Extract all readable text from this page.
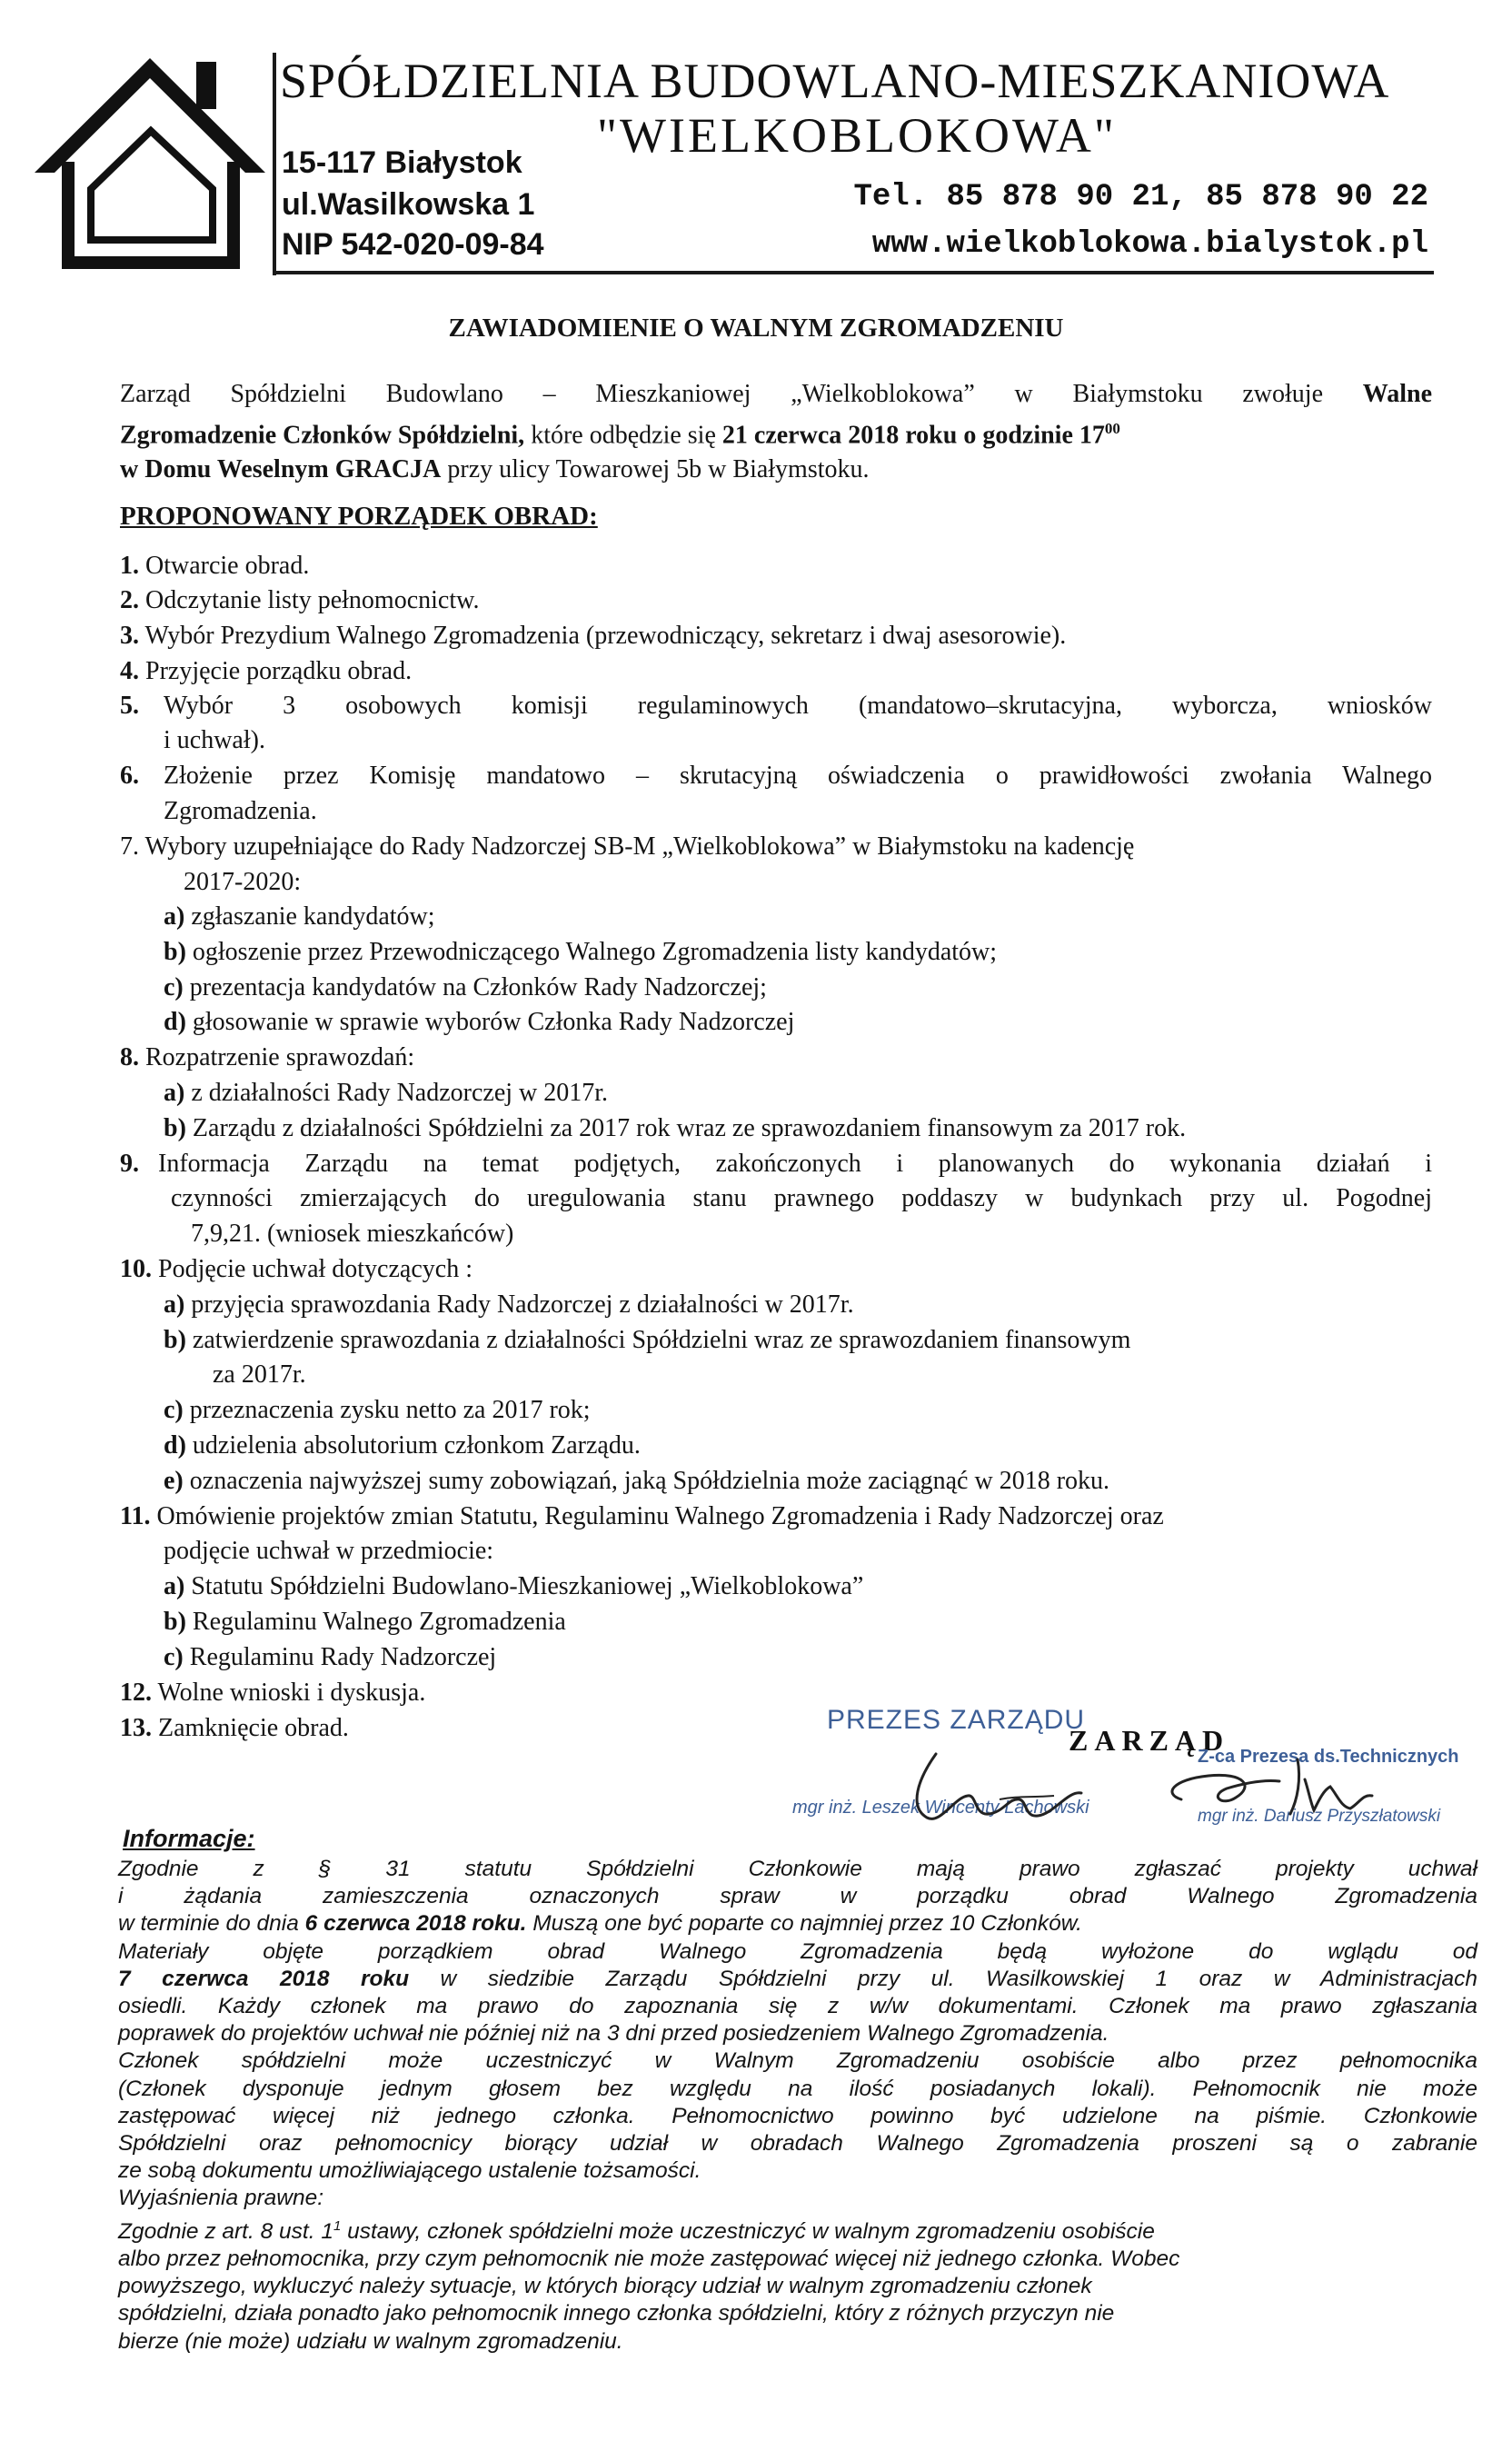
SPÓŁDZIELNIA BUDOWLANO-MIESZKANIOWA
"WIELKOBLOKOWA"
15-117 Białystok
ul.Wasilkowska 1
NIP 542-020-09-84
Tel. 85 878 90 21, 85 878 90 22
www.wielkoblokowa.bialystok.pl
ZAWIADOMIENIE O WALNYM ZGROMADZENIU
Zarząd Spółdzielni Budowlano – Mieszkaniowej „Wielkoblokowa” w Białymstoku zwołuje Walne
Zgromadzenie Członków Spółdzielni, które odbędzie się 21 czerwca 2018 roku o godzinie $17^{00}$
w Domu Weselnym GRACJA przy ulicy Towarowej 5b w Białymstoku.
PROPONOWANY PORZĄDEK OBRAD:
1. Otwarcie obrad.
2. Odczytanie listy pełnomocnictw.
3. Wybór Prezydium Walnego Zgromadzenia (przewodniczący, sekretarz i dwaj asesorowie).
4. Przyjęcie porządku obrad.
5. Wybór 3 osobowych komisji regulaminowych (mandatowo–skrutacyjna, wyborcza, wniosków
i uchwał).
6. Złożenie przez Komisję mandatowo – skrutacyjną oświadczenia o prawidłowości zwołania Walnego
Zgromadzenia.
7. Wybory uzupełniające do Rady Nadzorczej SB-M „Wielkoblokowa” w Białymstoku na kadencję
2017-2020:
a) zgłaszanie kandydatów;
b) ogłoszenie przez Przewodniczącego Walnego Zgromadzenia listy kandydatów;
c) prezentacja kandydatów na Członków Rady Nadzorczej;
d) głosowanie w sprawie wyborów Członka Rady Nadzorczej
8. Rozpatrzenie sprawozdań:
a) z działalności Rady Nadzorczej w 2017r.
b) Zarządu z działalności Spółdzielni za 2017 rok wraz ze sprawozdaniem finansowym za 2017 rok.
9. Informacja Zarządu na temat podjętych, zakończonych i planowanych do wykonania działań i
czynności zmierzających do uregulowania stanu prawnego poddaszy w budynkach przy ul. Pogodnej
7,9,21. (wniosek mieszkańców)
10. Podjęcie uchwał dotyczących :
a) przyjęcia sprawozdania Rady Nadzorczej z działalności w 2017r.
b) zatwierdzenie sprawozdania z działalności Spółdzielni wraz ze sprawozdaniem finansowym
za 2017r.
c) przeznaczenia zysku netto za 2017 rok;
d) udzielenia absolutorium członkom Zarządu.
e) oznaczenia najwyższej sumy zobowiązań, jaką Spółdzielnia może zaciągnąć w 2018 roku.
11. Omówienie projektów zmian Statutu, Regulaminu Walnego Zgromadzenia i Rady Nadzorczej oraz
podjęcie uchwał w przedmiocie:
a) Statutu Spółdzielni Budowlano-Mieszkaniowej „Wielkoblokowa”
b) Regulaminu Walnego Zgromadzenia
c) Regulaminu Rady Nadzorczej
12. Wolne wnioski i dyskusja.
13. Zamknięcie obrad.	PREZES ZARZĄDU
ZARZĄD
Z-ca Prezesa ds.Technicznych
mgr inż. Leszek Wincenty Lachowski	mgr inż. Dariusz Przyszłatowski
Informacje:
Zgodnie z § 31 statutu Spółdzielni Członkowie mają prawo zgłaszać projekty uchwał
i żądania zamieszczenia oznaczonych spraw w porządku obrad Walnego Zgromadzenia
w terminie do dnia 6 czerwca 2018 roku. Muszą one być poparte co najmniej przez 10 Członków.
Materiały objęte porządkiem obrad Walnego Zgromadzenia będą wyłożone do wglądu od
7 czerwca 2018 roku w siedzibie Zarządu Spółdzielni przy ul. Wasilkowskiej 1 oraz w Administracjach
osiedli. Każdy członek ma prawo do zapoznania się z w/w dokumentami. Członek ma prawo zgłaszania
poprawek do projektów uchwał nie później niż na 3 dni przed posiedzeniem Walnego Zgromadzenia.
Członek spółdzielni może uczestniczyć w Walnym Zgromadzeniu osobiście albo przez pełnomocnika
(Członek dysponuje jednym głosem bez względu na ilość posiadanych lokali). Pełnomocnik nie może
zastępować więcej niż jednego członka. Pełnomocnictwo powinno być udzielone na piśmie. Członkowie
Spółdzielni oraz pełnomocnicy biorący udział w obradach Walnego Zgromadzenia proszeni są o zabranie
ze sobą dokumentu umożliwiającego ustalenie tożsamości.
Wyjaśnienia prawne:
Zgodnie z art. 8 ust. $1^1$ ustawy, członek spółdzielni może uczestniczyć w walnym zgromadzeniu osobiście
albo przez pełnomocnika, przy czym pełnomocnik nie może zastępować więcej niż jednego członka. Wobec
powyższego, wykluczyć należy sytuacje, w których biorący udział w walnym zgromadzeniu członek
spółdzielni, działa ponadto jako pełnomocnik innego członka spółdzielni, który z różnych przyczyn nie
bierze (nie może) udziału w walnym zgromadzeniu.
